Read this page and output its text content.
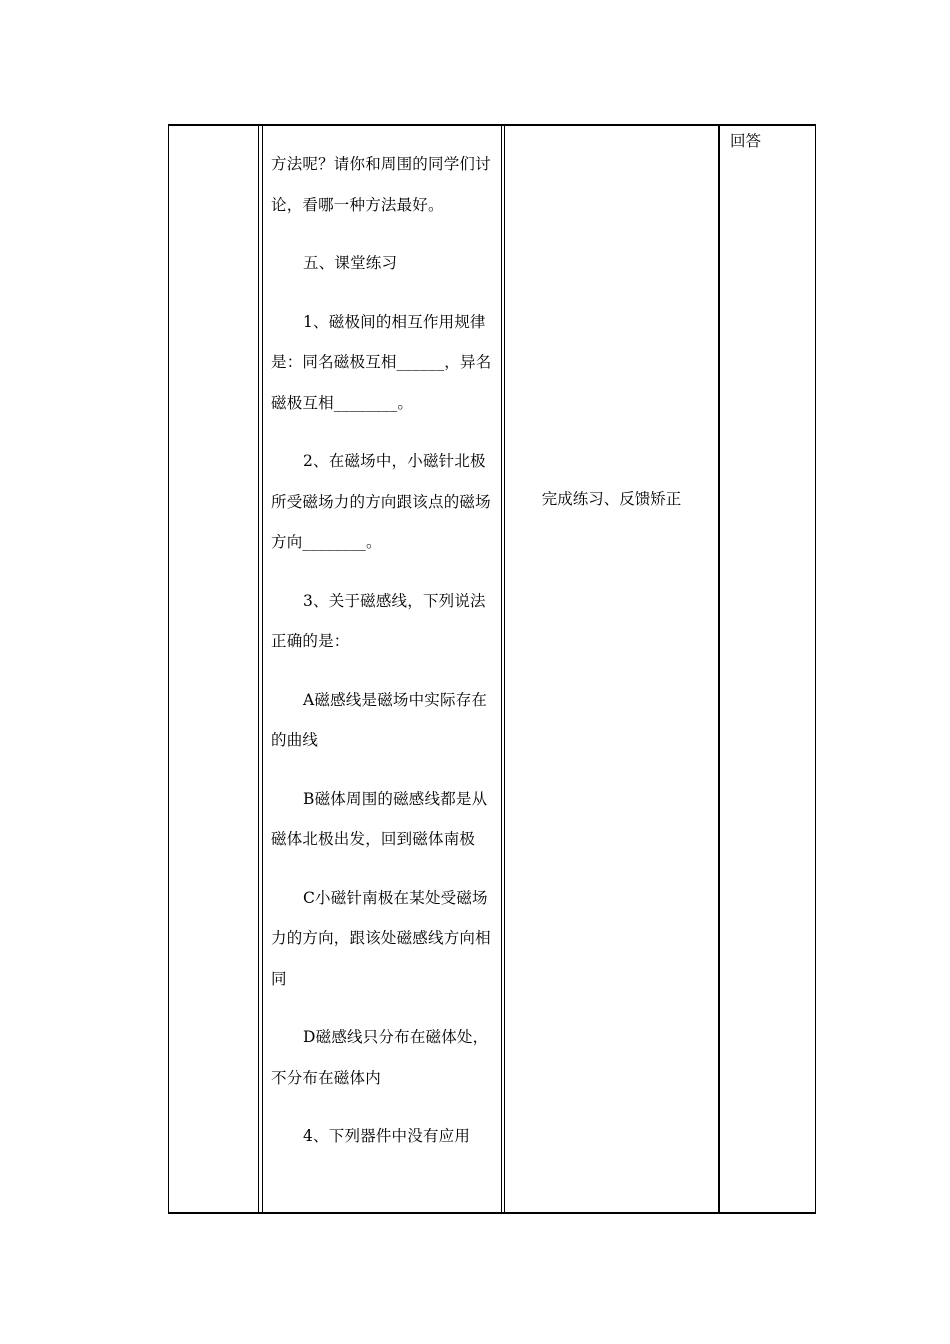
方法呢？请你和周围的同学们讨论，看哪一种方法最好。

五、课堂练习

1、磁极间的相互作用规律是：同名磁极互相______，异名磁极互相________。

2、在磁场中，小磁针北极所受磁场力的方向跟该点的磁场方向________。

3、关于磁感线，下列说法正确的是：

A磁感线是磁场中实际存在的曲线

B磁体周围的磁感线都是从磁体北极出发，回到磁体南极

C小磁针南极在某处受磁场力的方向，跟该处磁感线方向相同

D磁感线只分布在磁体处，不分布在磁体内

4、下列器件中没有应用

完成练习、反馈矫正
回答
